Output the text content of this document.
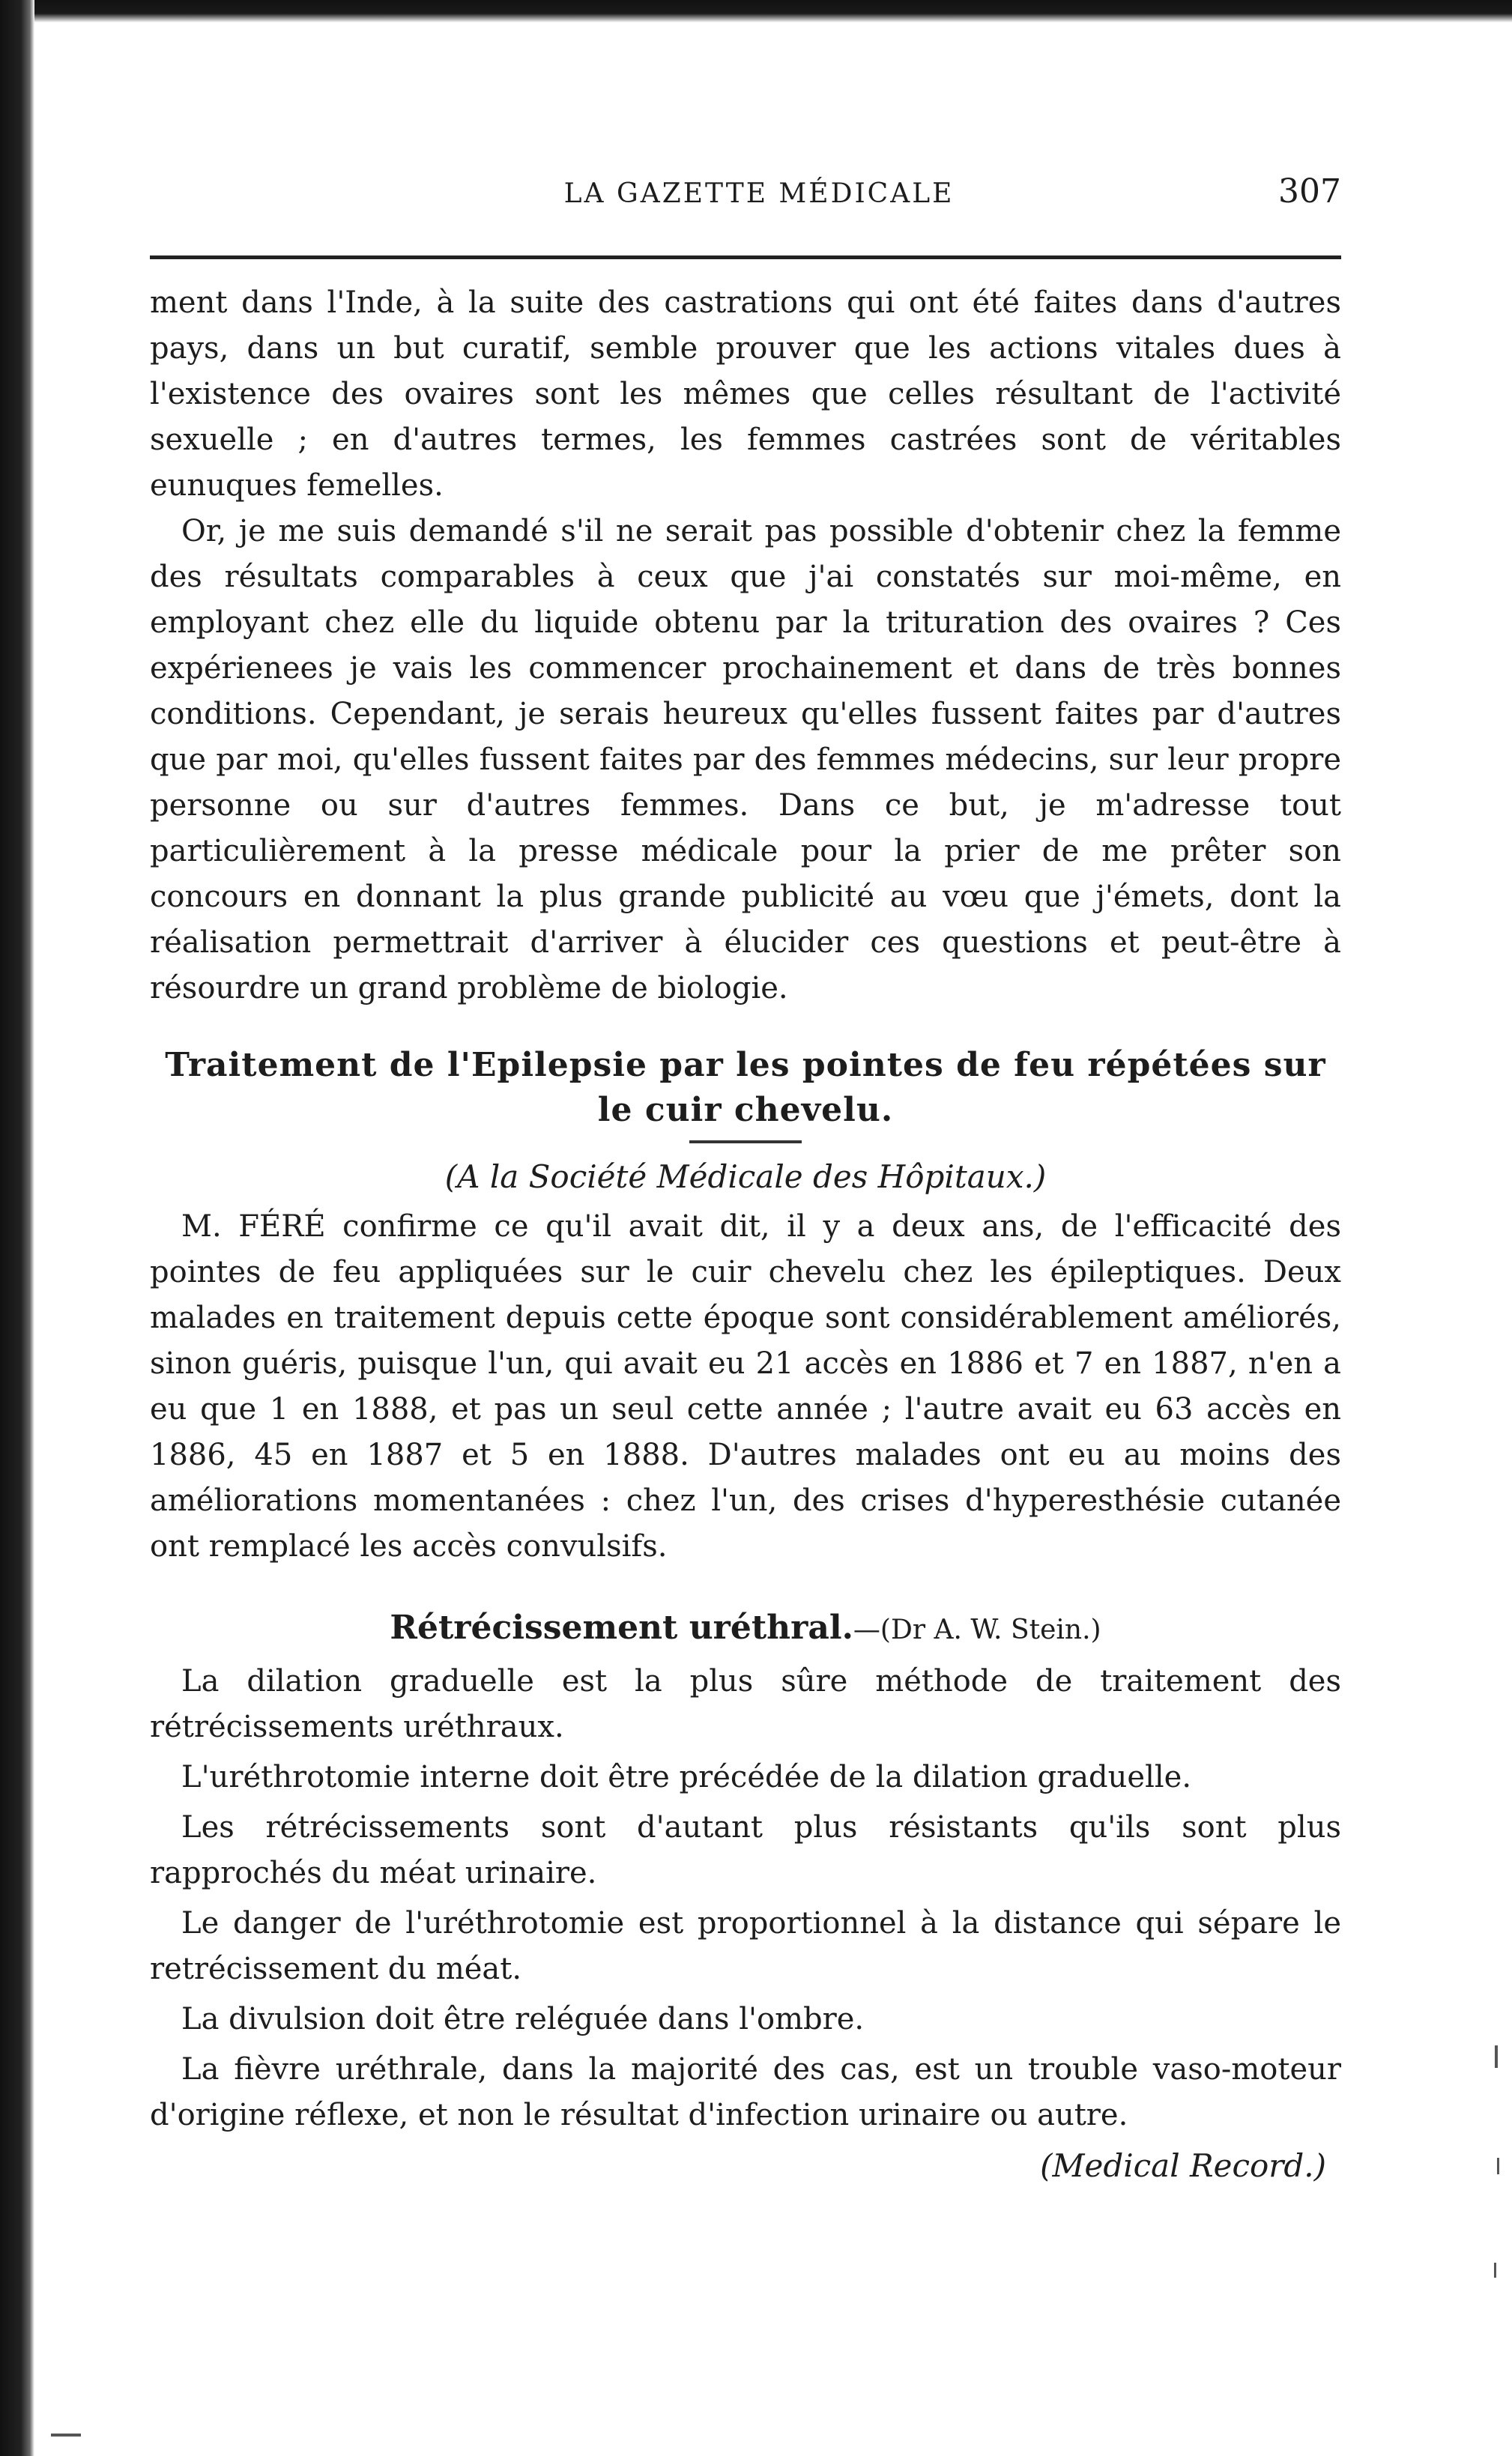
LA GAZETTE MÉDICALE	307

ment dans l'Inde, à la suite des castrations qui ont été faites dans d'autres pays, dans un but curatif, semble prouver que les actions vitales dues à l'existence des ovaires sont les mêmes que celles résultant de l'activité sexuelle ; en d'autres termes, les femmes castrées sont de véritables eunuques femelles.

Or, je me suis demandé s'il ne serait pas possible d'obtenir chez la femme des résultats comparables à ceux que j'ai constatés sur moi-même, en employant chez elle du liquide obtenu par la trituration des ovaires ? Ces expérienees je vais les commencer prochainement et dans de très bonnes conditions. Cependant, je serais heureux qu'elles fussent faites par d'autres que par moi, qu'elles fussent faites par des femmes médecins, sur leur propre personne ou sur d'autres femmes. Dans ce but, je m'adresse tout particulièrement à la presse médicale pour la prier de me prêter son concours en donnant la plus grande publicité au vœu que j'émets, dont la réalisation permettrait d'arriver à élucider ces questions et peut-être à résourdre un grand problème de biologie.

Traitement de l'Epilepsie par les pointes de feu répétées sur le cuir chevelu.
(A la Société Médicale des Hôpitaux.)

M. FÉRÉ confirme ce qu'il avait dit, il y a deux ans, de l'efficacité des pointes de feu appliquées sur le cuir chevelu chez les épileptiques. Deux malades en traitement depuis cette époque sont considérablement améliorés, sinon guéris, puisque l'un, qui avait eu 21 accès en 1886 et 7 en 1887, n'en a eu que 1 en 1888, et pas un seul cette année ; l'autre avait eu 63 accès en 1886, 45 en 1887 et 5 en 1888. D'autres malades ont eu au moins des améliorations momentanées : chez l'un, des crises d'hyperesthésie cutanée ont remplacé les accès convulsifs.

Rétrécissement uréthral.—(Dr A. W. Stein.)

La dilation graduelle est la plus sûre méthode de traitement des rétrécissements uréthraux.

L'uréthrotomie interne doit être précédée de la dilation graduelle.

Les rétrécissements sont d'autant plus résistants qu'ils sont plus rapprochés du méat urinaire.

Le danger de l'uréthrotomie est proportionnel à la distance qui sépare le retrécissement du méat.

La divulsion doit être reléguée dans l'ombre.

La fièvre uréthrale, dans la majorité des cas, est un trouble vaso-moteur d'origine réflexe, et non le résultat d'infection urinaire ou autre.

(Medical Record.)
